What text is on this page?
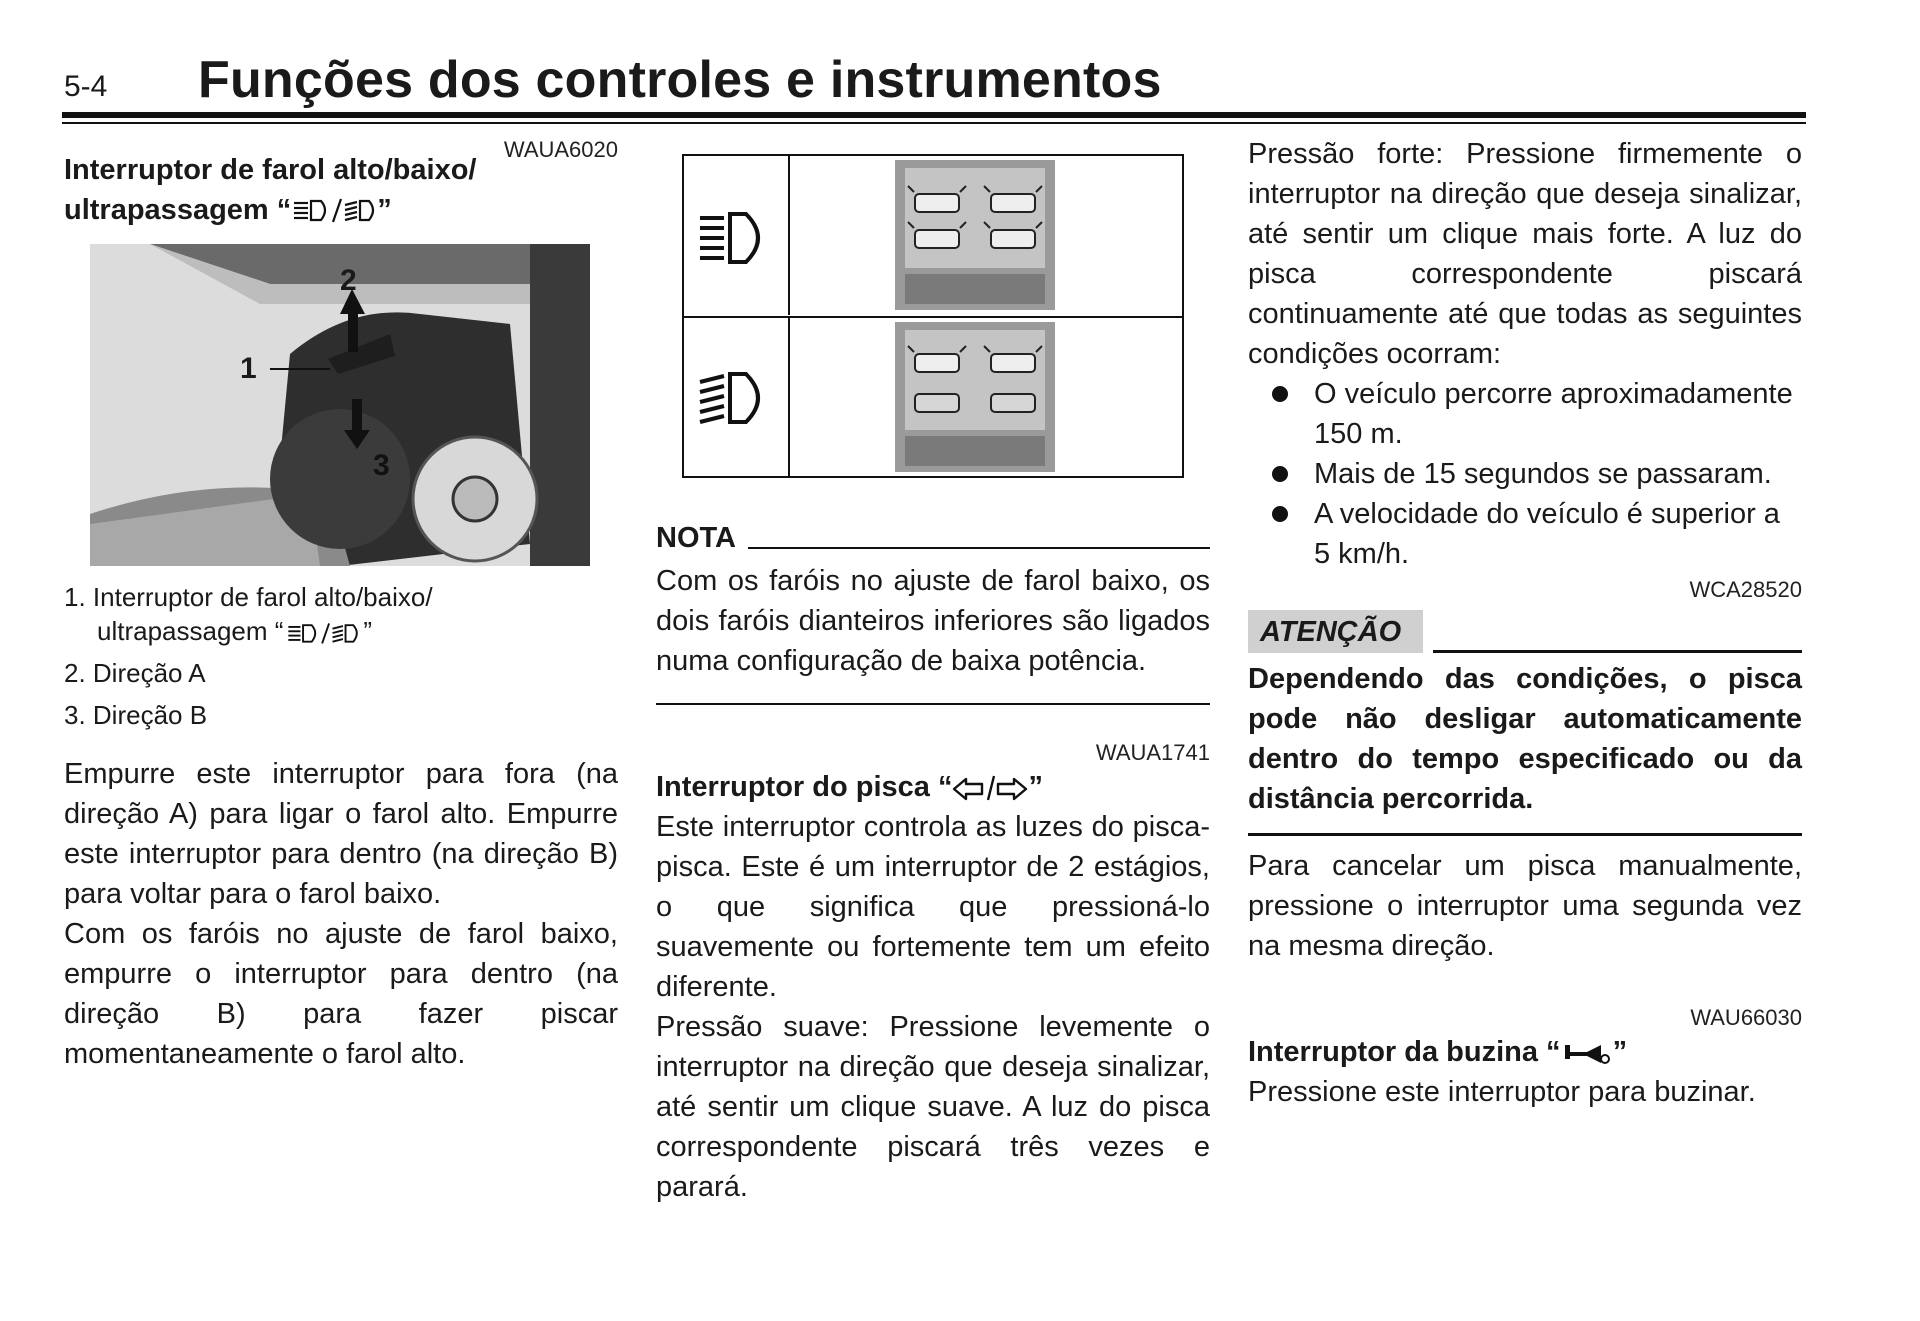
5-4 Funções dos controles e instrumentos
WAUA6020
Interruptor de farol alto/baixo/
ultrapassagem “	”
1
2
3
1. Interruptor de farol alto/baixo/
ultrapassagem “	”
2. Direção A
3. Direção B

Empurre este interruptor para fora (na direção A) para ligar o farol alto. Empurre este interruptor para dentro (na direção B) para voltar para o farol baixo.

Com os faróis no ajuste de farol baixo, empurre o interruptor para dentro (na direção B) para fazer piscar momentaneamente o farol alto.

NOTA

Com os faróis no ajuste de farol baixo, os dois faróis dianteiros inferiores são ligados numa configuração de baixa potência.

WAUA1741
Interruptor do pisca “	”

Este interruptor controla as luzes do pisca-pisca. Este é um interruptor de 2 estágios, o que significa que pressioná-lo suavemente ou fortemente tem um efeito diferente.

Pressão suave: Pressione levemente o interruptor na direção que deseja sinalizar, até sentir um clique suave. A luz do pisca correspondente piscará três vezes e parará.

Pressão forte: Pressione firmemente o interruptor na direção que deseja sinalizar, até sentir um clique mais forte. A luz do pisca correspondente piscará continuamente até que todas as seguintes condições ocorram:

O veículo percorre aproximadamente 150 m.
Mais de 15 segundos se passaram.
A velocidade do veículo é superior a 5 km/h.
WCA28520
ATENÇÃO

Dependendo das condições, o pisca pode não desligar automaticamente dentro do tempo especificado ou da distância percorrida.

Para cancelar um pisca manualmente, pressione o interruptor uma segunda vez na mesma direção.

WAU66030
Interruptor da buzina “ ”

Pressione este interruptor para buzinar.
